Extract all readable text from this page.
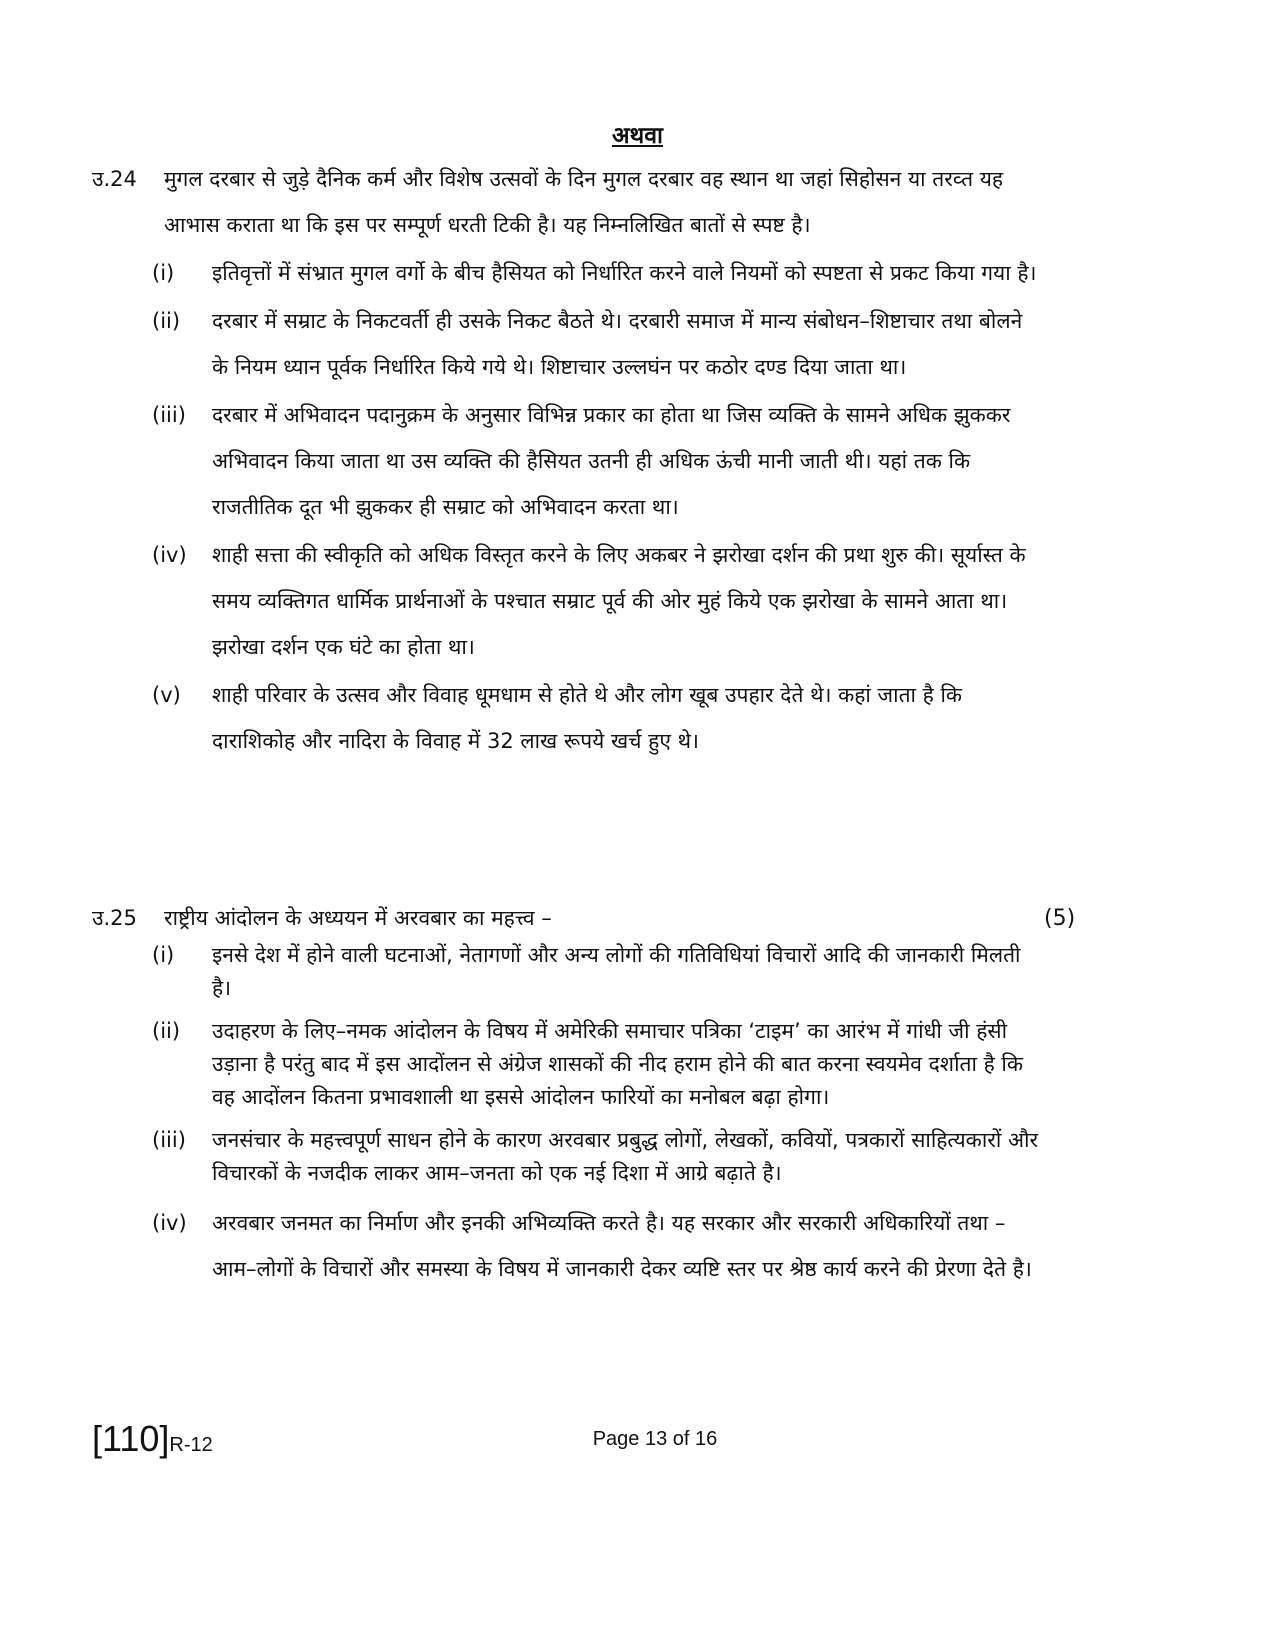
अथवा
उ.24 मुगल दरबार से जुड़े दैनिक कर्म और विशेष उत्सवों के दिन मुगल दरबार वह स्थान था जहां सिहोसन या तरव्त यह आभास कराता था कि इस पर सम्पूर्ण धरती टिकी है। यह निम्नलिखित बातों से स्पष्ट है।
(i) इतिवृत्तों में संभ्रात मुगल वर्गो के बीच हैसियत को निर्धारित करने वाले नियमों को स्पष्टता से प्रकट किया गया है।
(ii) दरबार में सम्राट के निकटवर्ती ही उसके निकट बैठते थे। दरबारी समाज में मान्य संबोधन–शिष्टाचार तथा बोलने के नियम ध्यान पूर्वक निर्धारित किये गये थे। शिष्टाचार उल्लघंन पर कठोर दण्ड दिया जाता था।
(iii) दरबार में अभिवादन पदानुक्रम के अनुसार विभिन्न प्रकार का होता था जिस व्यक्ति के सामने अधिक झुककर अभिवादन किया जाता था उस व्यक्ति की हैसियत उतनी ही अधिक ऊंची मानी जाती थी। यहां तक कि राजतीतिक दूत भी झुककर ही सम्राट को अभिवादन करता था।
(iv) शाही सत्ता की स्वीकृति को अधिक विस्तृत करने के लिए अकबर ने झरोखा दर्शन की प्रथा शुरु की। सूर्यास्त के समय व्यक्तिगत धार्मिक प्रार्थनाओं के पश्चात सम्राट पूर्व की ओर मुहं किये एक झरोखा के सामने आता था। झरोखा दर्शन एक घंटे का होता था।
(v) शाही परिवार के उत्सव और विवाह धूमधाम से होते थे और लोग खूब उपहार देते थे। कहां जाता है कि दाराशिकोह और नादिरा के विवाह में 32 लाख रूपये खर्च हुए थे।
उ.25 राष्ट्रीय आंदोलन के अध्ययन में अरवबार का महत्त्व –
(i) इनसे देश में होने वाली घटनाओं, नेतागणों और अन्य लोगों की गतिविधियां विचारों आदि की जानकारी मिलती है।
(ii) उदाहरण के लिए–नमक आंदोलन के विषय में अमेरिकी समाचार पत्रिका ‘टाइम’ का आरंभ में गांधी जी हंसी उड़ाना है परंतु बाद में इस आदोंलन से अंग्रेज शासकों की नीद हराम होने की बात करना स्वयमेव दर्शाता है कि वह आदोंलन कितना प्रभावशाली था इससे आंदोलन फारियों का मनोबल बढ़ा होगा।
(iii) जनसंचार के महत्त्वपूर्ण साधन होने के कारण अरवबार प्रबुद्ध लोगों, लेखकों, कवियों, पत्रकारों साहित्यकारों और विचारकों के नजदीक लाकर आम–जनता को एक नई दिशा में आग्रे बढ़ाते है।
(iv) अरवबार जनमत का निर्माण और इनकी अभिव्यक्ति करते है। यह सरकार और सरकारी अधिकारियों तथा – आम–लोगों के विचारों और समस्या के विषय में जानकारी देकर व्यष्टि स्तर पर श्रेष्ठ कार्य करने की प्रेरणा देते है।
(5)
[110]R-12	Page 13 of 16
